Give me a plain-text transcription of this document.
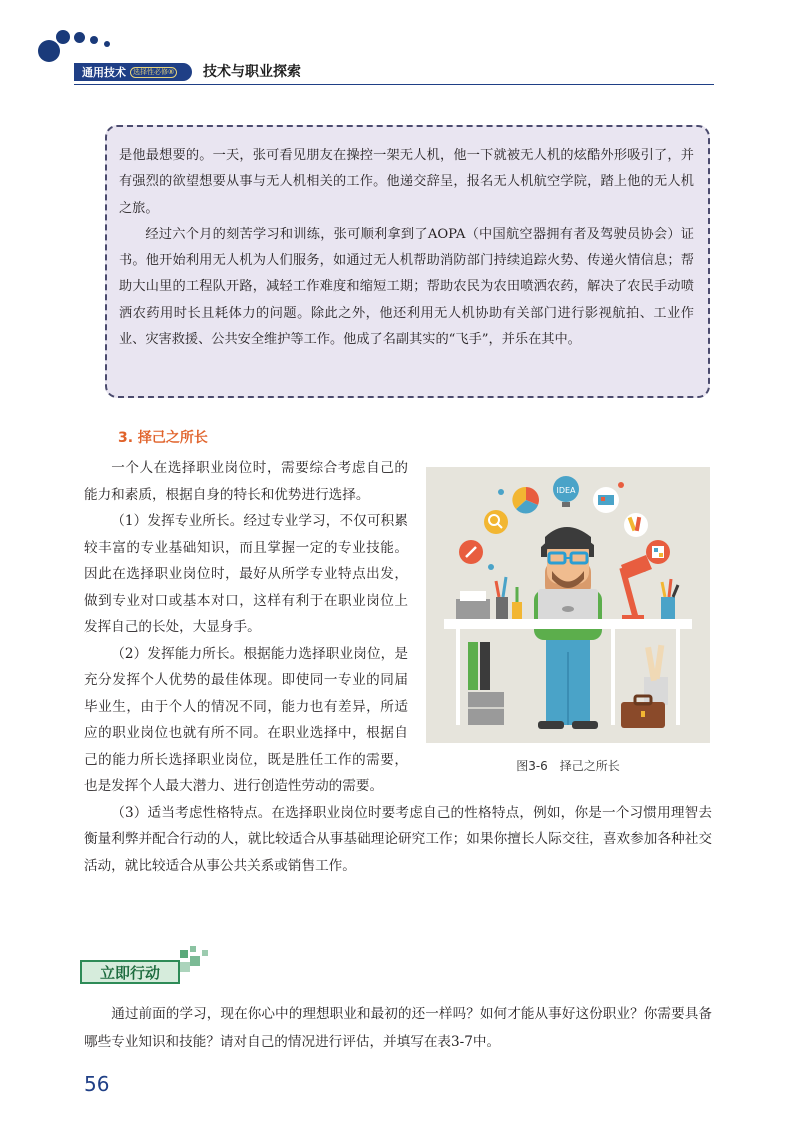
通用技术	选择性必修⑧ 技术与职业探索

是他最想要的。一天，张可看见朋友在操控一架无人机，他一下就被无人机的炫酷外形吸引了，并有强烈的欲望想要从事与无人机相关的工作。他递交辞呈，报名无人机航空学院，踏上他的无人机之旅。

经过六个月的刻苦学习和训练，张可顺利拿到了AOPA（中国航空器拥有者及驾驶员协会）证书。他开始利用无人机为人们服务，如通过无人机帮助消防部门持续追踪火势、传递火情信息；帮助大山里的工程队开路，减轻工作难度和缩短工期；帮助农民为农田喷洒农药，解决了农民手动喷洒农药用时长且耗体力的问题。除此之外，他还利用无人机协助有关部门进行影视航拍、工业作业、灾害救援、公共安全维护等工作。他成了名副其实的“飞手”，并乐在其中。

3. 择己之所长

一个人在选择职业岗位时，需要综合考虑自己的能力和素质，根据自身的特长和优势进行选择。

（1）发挥专业所长。经过专业学习，不仅可积累较丰富的专业基础知识，而且掌握一定的专业技能。因此在选择职业岗位时，最好从所学专业特点出发，做到专业对口或基本对口，这样有利于在职业岗位上发挥自己的长处，大显身手。

（2）发挥能力所长。根据能力选择职业岗位，是充分发挥个人优势的最佳体现。即使同一专业的同届毕业生，由于个人的情况不同，能力也有差异，所适应的职业岗位也就有所不同。在职业选择中，根据自己的能力所长选择职业岗位，既是胜任工作的需要，也是发挥个人最大潜力、进行创造性劳动的需要。

（3）适当考虑性格特点。在选择职业岗位时要考虑自己的性格特点，例如，你是一个习惯用理智去衡量利弊并配合行动的人，就比较适合从事基础理论研究工作；如果你擅长人际交往，喜欢参加各种社交活动，就比较适合从事公共关系或销售工作。

IDEA
图3-6　择己之所长
立即行动

通过前面的学习，现在你心中的理想职业和最初的还一样吗？如何才能从事好这份职业？你需要具备哪些专业知识和技能？请对自己的情况进行评估，并填写在表3-7中。

56
